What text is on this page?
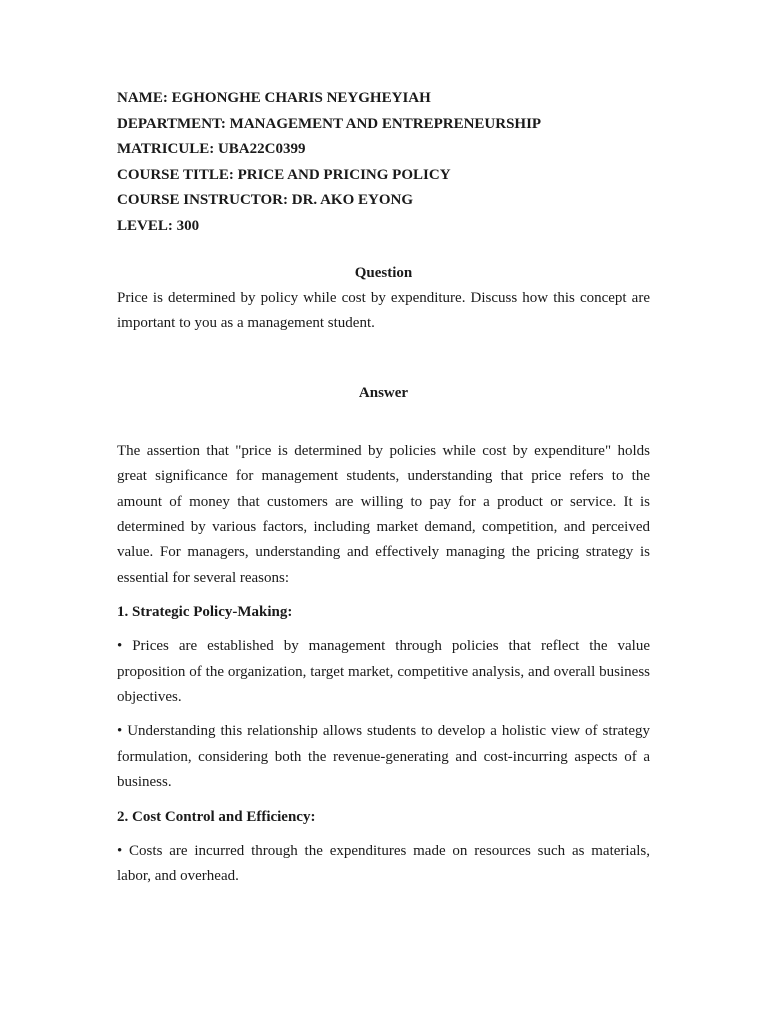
NAME: EGHONGHE CHARIS NEYGHEYIAH

DEPARTMENT: MANAGEMENT AND ENTREPRENEURSHIP

MATRICULE: UBA22C0399

COURSE TITLE: PRICE AND PRICING POLICY

COURSE INSTRUCTOR: DR. AKO EYONG

LEVEL: 300

Question

Price is determined by policy while cost by expenditure. Discuss how this concept are important to you as a management student.

Answer

The assertion that "price is determined by policies while cost by expenditure" holds great significance for management students, understanding that price refers to the amount of money that customers are willing to pay for a product or service. It is determined by various factors, including market demand, competition, and perceived value. For managers, understanding and effectively managing the pricing strategy is essential for several reasons:

1. Strategic Policy-Making:

• Prices are established by management through policies that reflect the value proposition of the organization, target market, competitive analysis, and overall business objectives.

• Understanding this relationship allows students to develop a holistic view of strategy formulation, considering both the revenue-generating and cost-incurring aspects of a business.

2. Cost Control and Efficiency:

• Costs are incurred through the expenditures made on resources such as materials, labor, and overhead.
